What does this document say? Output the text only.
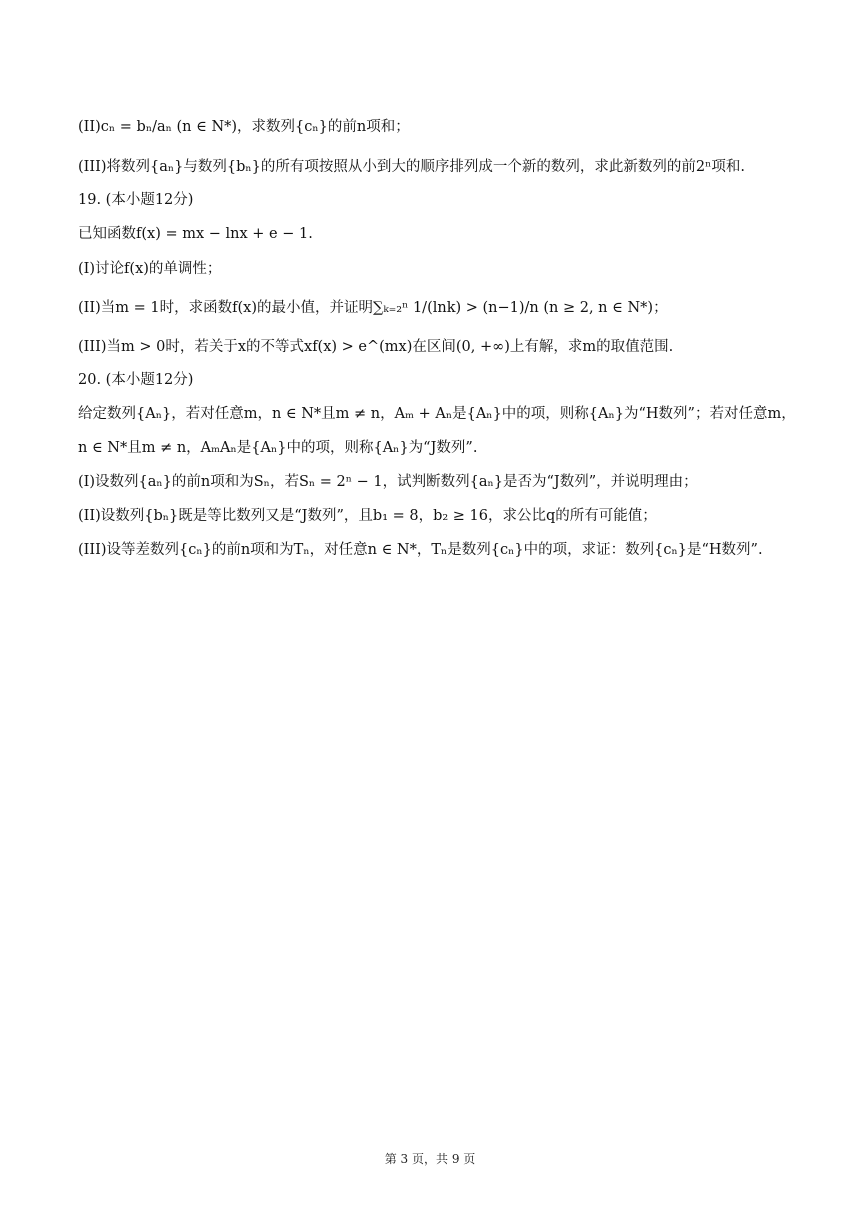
(II)cₙ = bₙ/aₙ (n ∈ N*)，求数列{cₙ}的前n项和；
(III)将数列{aₙ}与数列{bₙ}的所有项按照从小到大的顺序排列成一个新的数列，求此新数列的前2ⁿ项和.
19. (本小题12分)
已知函数f(x) = mx − lnx + e − 1.
(I)讨论f(x)的单调性；
(II)当m = 1时，求函数f(x)的最小值，并证明∑ₖ₌₂ⁿ 1/(lnk) > (n−1)/n (n ≥ 2, n ∈ N*)；
(III)当m > 0时，若关于x的不等式xf(x) > e^(mx)在区间(0, +∞)上有解，求m的取值范围.
20. (本小题12分)
给定数列{Aₙ}，若对任意m，n ∈ N*且m ≠ n，Aₘ + Aₙ是{Aₙ}中的项，则称{Aₙ}为“H数列”；若对任意m，
n ∈ N*且m ≠ n，AₘAₙ是{Aₙ}中的项，则称{Aₙ}为“J数列”.
(I)设数列{aₙ}的前n项和为Sₙ，若Sₙ = 2ⁿ − 1，试判断数列{aₙ}是否为“J数列”，并说明理由；
(II)设数列{bₙ}既是等比数列又是“J数列”，且b₁ = 8，b₂ ≥ 16，求公比q的所有可能值；
(III)设等差数列{cₙ}的前n项和为Tₙ，对任意n ∈ N*，Tₙ是数列{cₙ}中的项，求证：数列{cₙ}是“H数列”.
第 3 页，共 9 页
